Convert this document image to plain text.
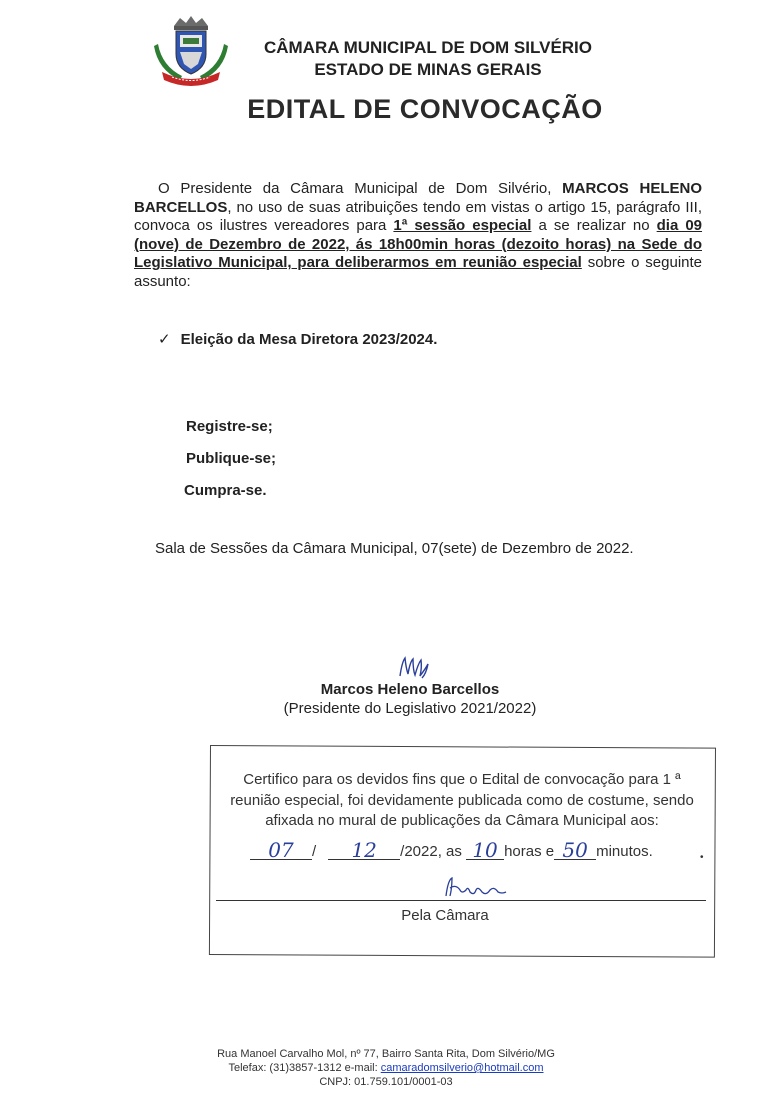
CÂMARA MUNICIPAL DE DOM SILVÉRIO
ESTADO DE MINAS GERAIS
EDITAL DE CONVOCAÇÃO
O Presidente da Câmara Municipal de Dom Silvério, MARCOS HELENO BARCELLOS, no uso de suas atribuições tendo em vistas o artigo 15, parágrafo III, convoca os ilustres vereadores para 1ª sessão especial a se realizar no dia 09 (nove) de Dezembro de 2022, ás 18h00min horas (dezoito horas) na Sede do Legislativo Municipal, para deliberarmos em reunião especial sobre o seguinte assunto:
✓ Eleição da Mesa Diretora 2023/2024.
Registre-se;
Publique-se;
Cumpra-se.
Sala de Sessões da Câmara Municipal, 07(sete) de Dezembro de 2022.
Marcos Heleno Barcellos
(Presidente do Legislativo 2021/2022)
Certifico para os devidos fins que o Edital de convocação para 1 ª reunião especial, foi devidamente publicada como de costume, sendo afixada no mural de publicações da Câmara Municipal aos:
07 / 12 /2022, as 10 horas e 50 minutos.	•
Pela Câmara
Rua Manoel Carvalho Mol, nº 77, Bairro Santa Rita, Dom Silvério/MG
Telefax: (31)3857-1312 e-mail: camaradomsilverio@hotmail.com
CNPJ: 01.759.101/0001-03
